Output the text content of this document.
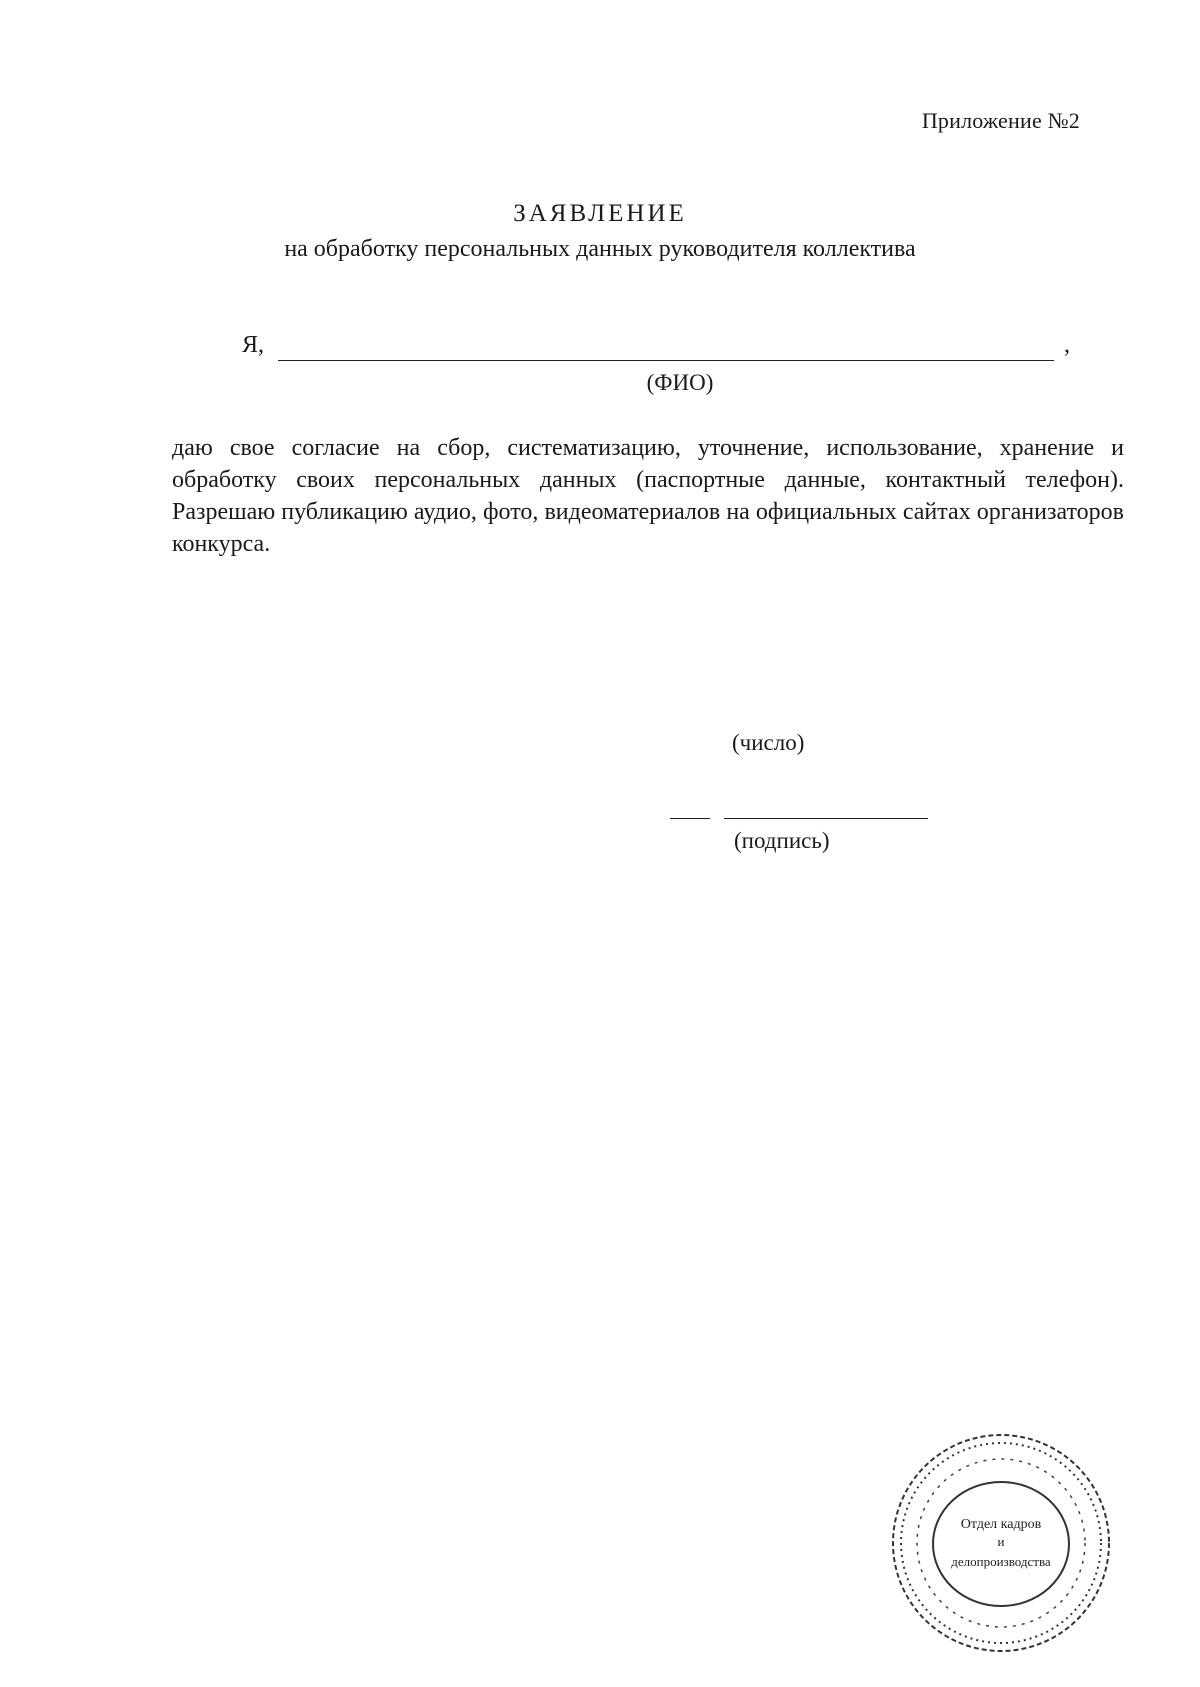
Приложение №2
ЗАЯВЛЕНИЕ
на обработку персональных данных руководителя коллектива
Я,	,
(ФИО)
даю свое согласие на сбор, систематизацию, уточнение, использование, хранение и обработку своих персональных данных (паспортные данные, контактный телефон). Разрешаю публикацию аудио, фото, видеоматериалов на официальных сайтах организаторов конкурса.
(число)
(подпись)
Отдел кадров
и
делопроизводства
